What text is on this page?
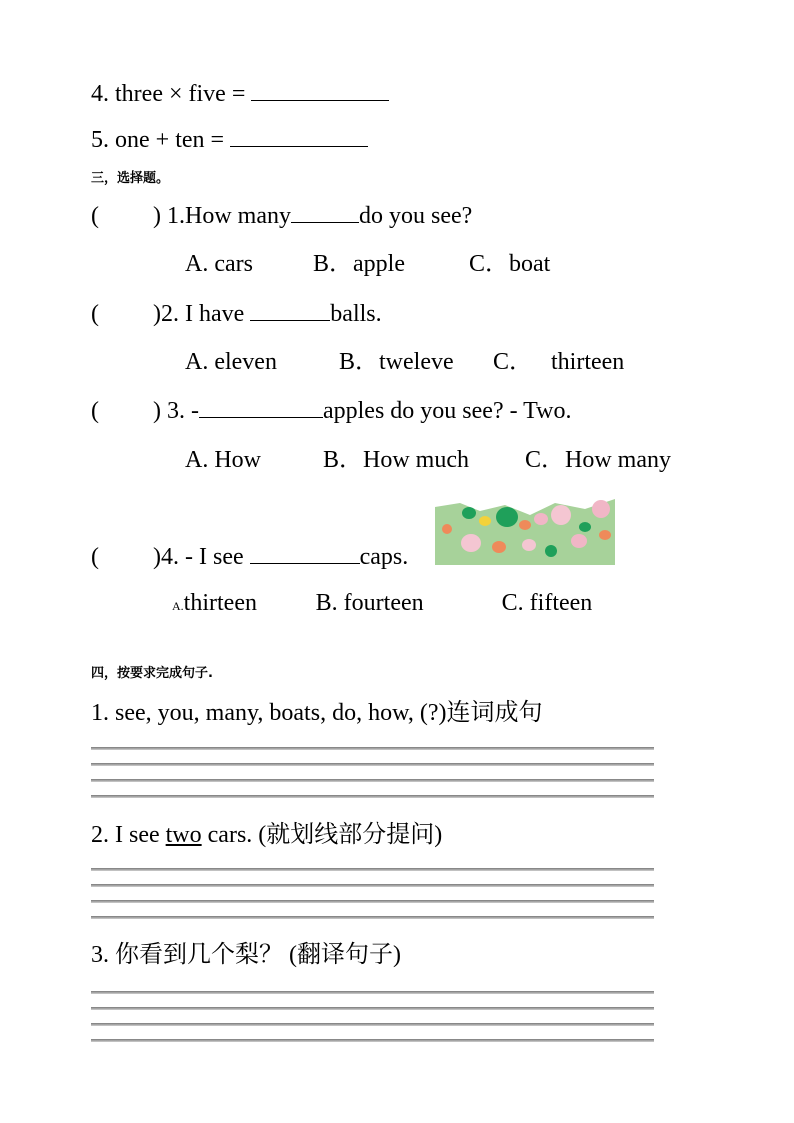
4. three × five =
5. one + ten =
三，选择题。
( ) 1.How many	do you see?
A. cars	B．apple	C．boat
( )2. I have	balls.
A. eleven	B．tweleve C． thirteen
( ) 3. -	apples do you see? - Two.
A. How	B．How much C．How many
( )4. - I see	caps.
A.thirteen B. fourteen	C. fifteen
四，按要求完成句子.
1. see, you, many, boats, do, how, (?)连词成句
2. I see two cars. (就划线部分提问)
3. 你看到几个梨？ (翻译句子)
